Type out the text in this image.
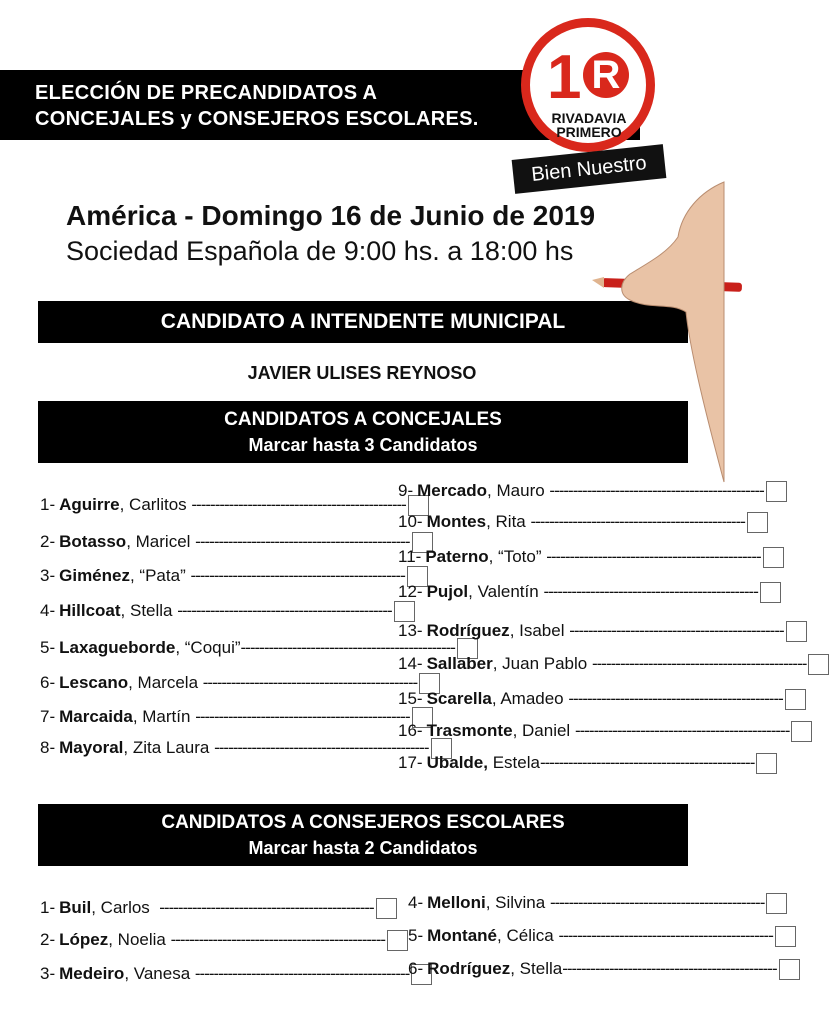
ELECCIÓN DE PRECANDIDATOS A
CONCEJALES y CONSEJEROS ESCOLARES.
1 R
RIVADAVIA
PRIMERO
Bien Nuestro
América - Domingo 16 de Junio de 2019
Sociedad Española de 9:00 hs. a 18:00 hs
CANDIDATO A INTENDENTE MUNICIPAL
JAVIER ULISES REYNOSO
CANDIDATOS A CONCEJALES
Marcar hasta 3 Candidatos
1- Aguirre , Carlitos ----------------------------------------------
2- Botasso , Maricel ----------------------------------------------
3- Giménez , “Pata” ----------------------------------------------
4- Hillcoat , Stella ----------------------------------------------
5- Laxagueborde , “Coqui” ----------------------------------------------
6- Lescano , Marcela ----------------------------------------------
7- Marcaida , Martín ----------------------------------------------
8- Mayoral , Zita Laura ----------------------------------------------
9- Mercado , Mauro ----------------------------------------------
10- Montes , Rita ----------------------------------------------
11- Paterno , “Toto” ----------------------------------------------
12- Pujol , Valentín ----------------------------------------------
13- Rodríguez , Isabel ----------------------------------------------
14- Sallaber , Juan Pablo ----------------------------------------------
15- Scarella , Amadeo ----------------------------------------------
16- Trasmonte , Daniel ----------------------------------------------
17- Ubalde, Estela ----------------------------------------------
CANDIDATOS A CONSEJEROS ESCOLARES
Marcar hasta 2 Candidatos
1- Buil , Carlos ----------------------------------------------
2- López , Noelia ----------------------------------------------
3- Medeiro , Vanesa ----------------------------------------------
4- Melloni , Silvina ----------------------------------------------
5- Montané , Célica ----------------------------------------------
6- Rodríguez , Stella ----------------------------------------------
